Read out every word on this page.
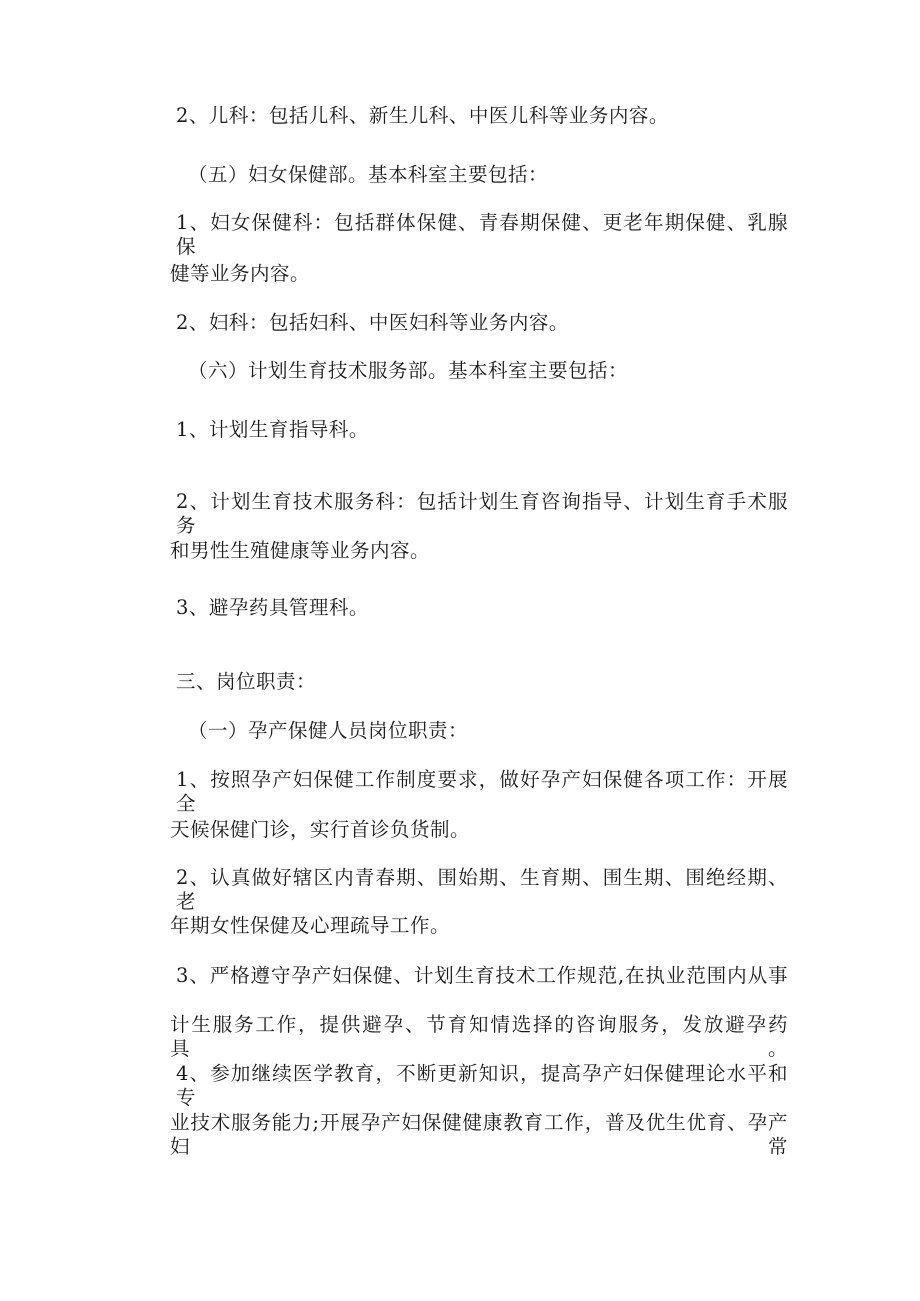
2、儿科：包括儿科、新生儿科、中医儿科等业务内容。
（五）妇女保健部。基本科室主要包括：
1、妇女保健科：包括群体保健、青春期保健、更老年期保健、乳腺保
健等业务内容。
2、妇科：包括妇科、中医妇科等业务内容。
（六）计划生育技术服务部。基本科室主要包括：
1、计划生育指导科。
2、计划生育技术服务科：包括计划生育咨询指导、计划生育手术服务
和男性生殖健康等业务内容。
3、避孕药具管理科。
三、岗位职责：
（一）孕产保健人员岗位职责：
1、按照孕产妇保健工作制度要求，做好孕产妇保健各项工作：开展全
天候保健门诊，实行首诊负货制。
2、认真做好辖区内青春期、围始期、生育期、围生期、围绝经期、老
年期女性保健及心理疏导工作。
3、严格遵守孕产妇保健、计划生育技术工作规范,在执业范围内从事
计生服务工作，提供避孕、节育知情选择的咨询服务，发放避孕药具。
4、参加继续医学教育，不断更新知识，提高孕产妇保健理论水平和专
业技术服务能力;开展孕产妇保健健康教育工作，普及优生优育、孕产妇常
